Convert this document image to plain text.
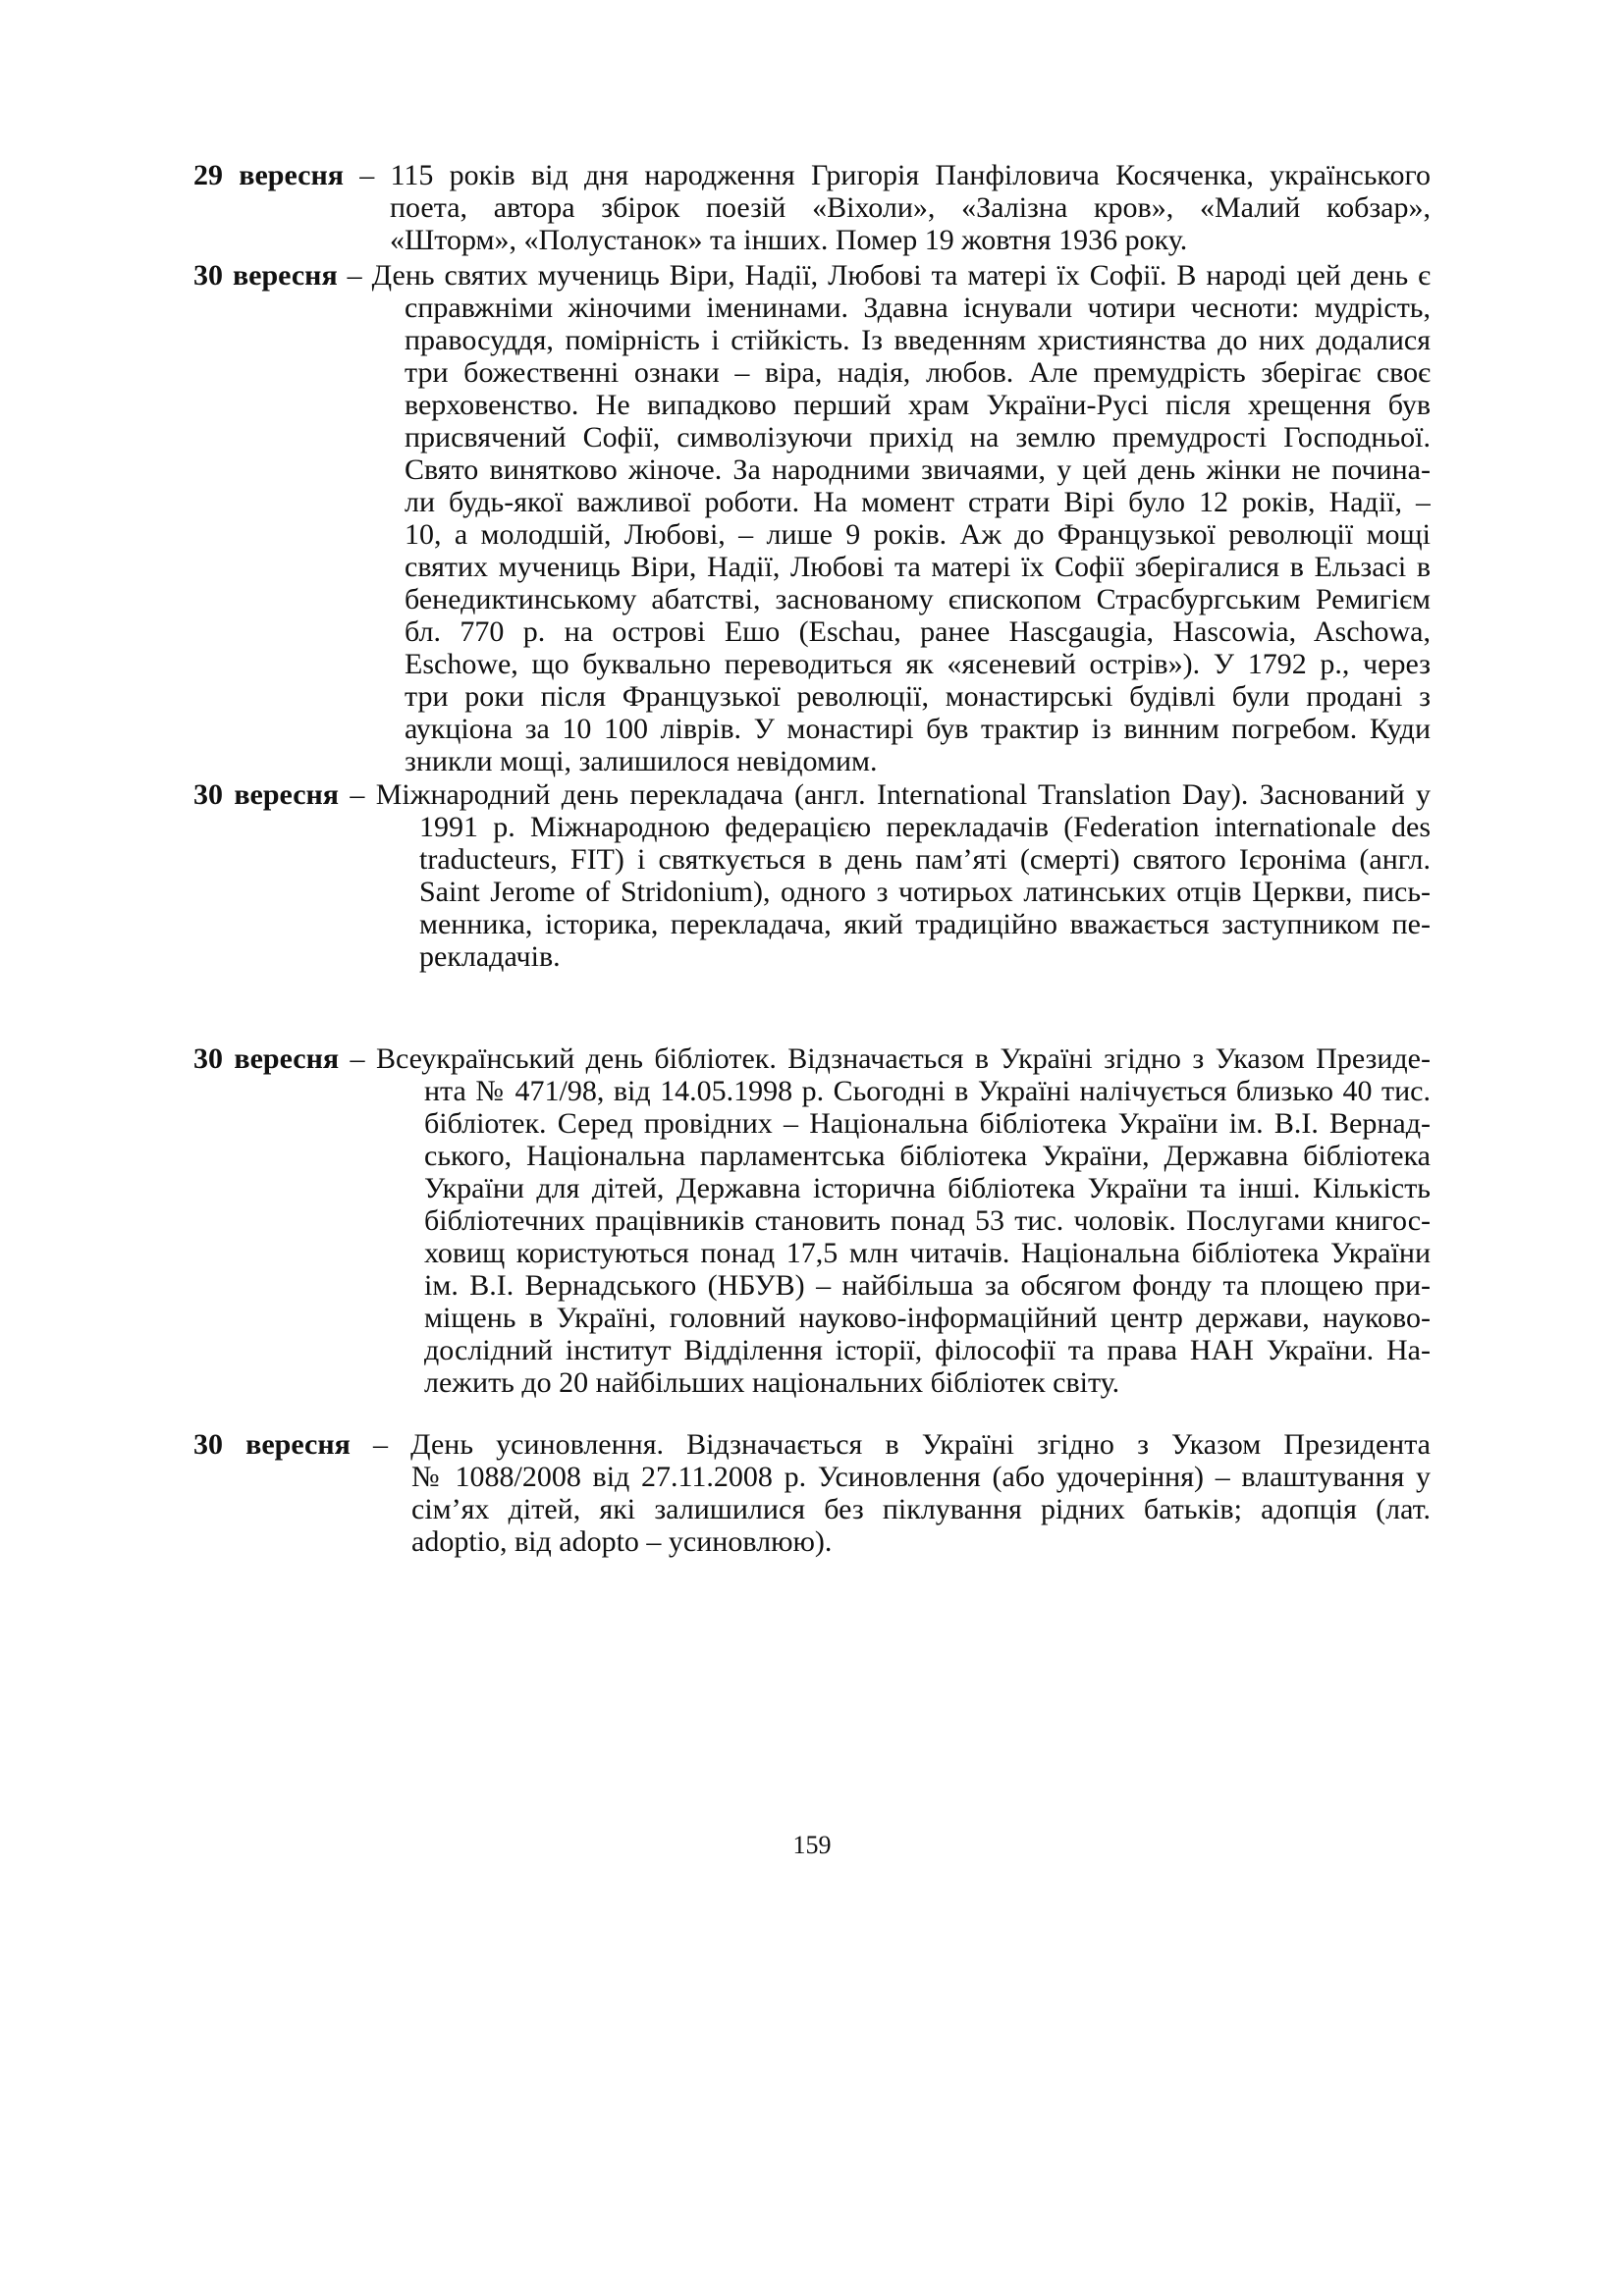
29 вересня – 115 років від дня народження Григорія Панфіловича Косяченка, українського
поета, автора збірок поезій «Віхоли», «Залізна кров», «Малий кобзар»,
«Шторм», «Полустанок» та інших. Помер 19 жовтня 1936 року.
30 вересня – День святих мучениць Віри, Надії, Любові та матері їх Софії. В народі цей день є
справжніми жіночими іменинами. Здавна існували чотири чесноти: мудрість,
правосуддя, помірність і стійкість. Із введенням християнства до них додалися
три божественні ознаки – віра, надія, любов. Але премудрість зберігає своє
верховенство. Не випадково перший храм України-Русі після хрещення був
присвячений Софії, символізуючи прихід на землю премудрості Господньої.
Свято винятково жіноче. За народними звичаями, у цей день жінки не почина-
ли будь-якої важливої роботи. На момент страти Вірі було 12 років, Надії, –
10, а молодшій, Любові, – лише 9 років. Аж до Французької революції мощі
святих мучениць Віри, Надії, Любові та матері їх Софії зберігалися в Ельзасі в
бенедиктинському абатстві, заснованому єпископом Страсбургським Ремигієм
бл. 770 р. на острові Ешо (Eschau, ранее Hascgaugia, Hascowia, Aschowa,
Eschowe, що буквально переводиться як «ясеневий острів»). У 1792 р., через
три роки після Французької революції, монастирські будівлі були продані з
аукціона за 10 100 ліврів. У монастирі був трактир із винним погребом. Куди
зникли мощі, залишилося невідомим.
30 вересня – Міжнародний день перекладача (англ. International Translation Day). Заснований у
1991 р. Міжнародною федерацією перекладачів (Federation internationale des
traducteurs, FIT) і святкується в день пам’яті (смерті) святого Ієроніма (англ.
Saint Jerome of Stridonium), одного з чотирьох латинських отців Церкви, пись-
менника, історика, перекладача, який традиційно вважається заступником пе-
рекладачів.
30 вересня – Всеукраїнський день бібліотек. Відзначається в Україні згідно з Указом Президе-
нта № 471/98, від 14.05.1998 р. Сьогодні в Україні налічується близько 40 тис.
бібліотек. Серед провідних – Національна бібліотека України ім. В.І. Вернад-
ського, Національна парламентська бібліотека України, Державна бібліотека
України для дітей, Державна історична бібліотека України та інші. Кількість
бібліотечних працівників становить понад 53 тис. чоловік. Послугами книгос-
ховищ користуються понад 17,5 млн читачів. Національна бібліотека України
ім. В.І. Вернадського (НБУВ) – найбільша за обсягом фонду та площею при-
міщень в Україні, головний науково-інформаційний центр держави, науково-
дослідний інститут Відділення історії, філософії та права НАН України. На-
лежить до 20 найбільших національних бібліотек світу.
30 вересня – День усиновлення. Відзначається в Україні згідно з Указом Президента
№ 1088/2008 від 27.11.2008 р. Усиновлення (або удочеріння) – влаштування у
сім’ях дітей, які залишилися без піклування рідних батьків; адопція (лат.
adoptio, від adopto – усиновлюю).
159
